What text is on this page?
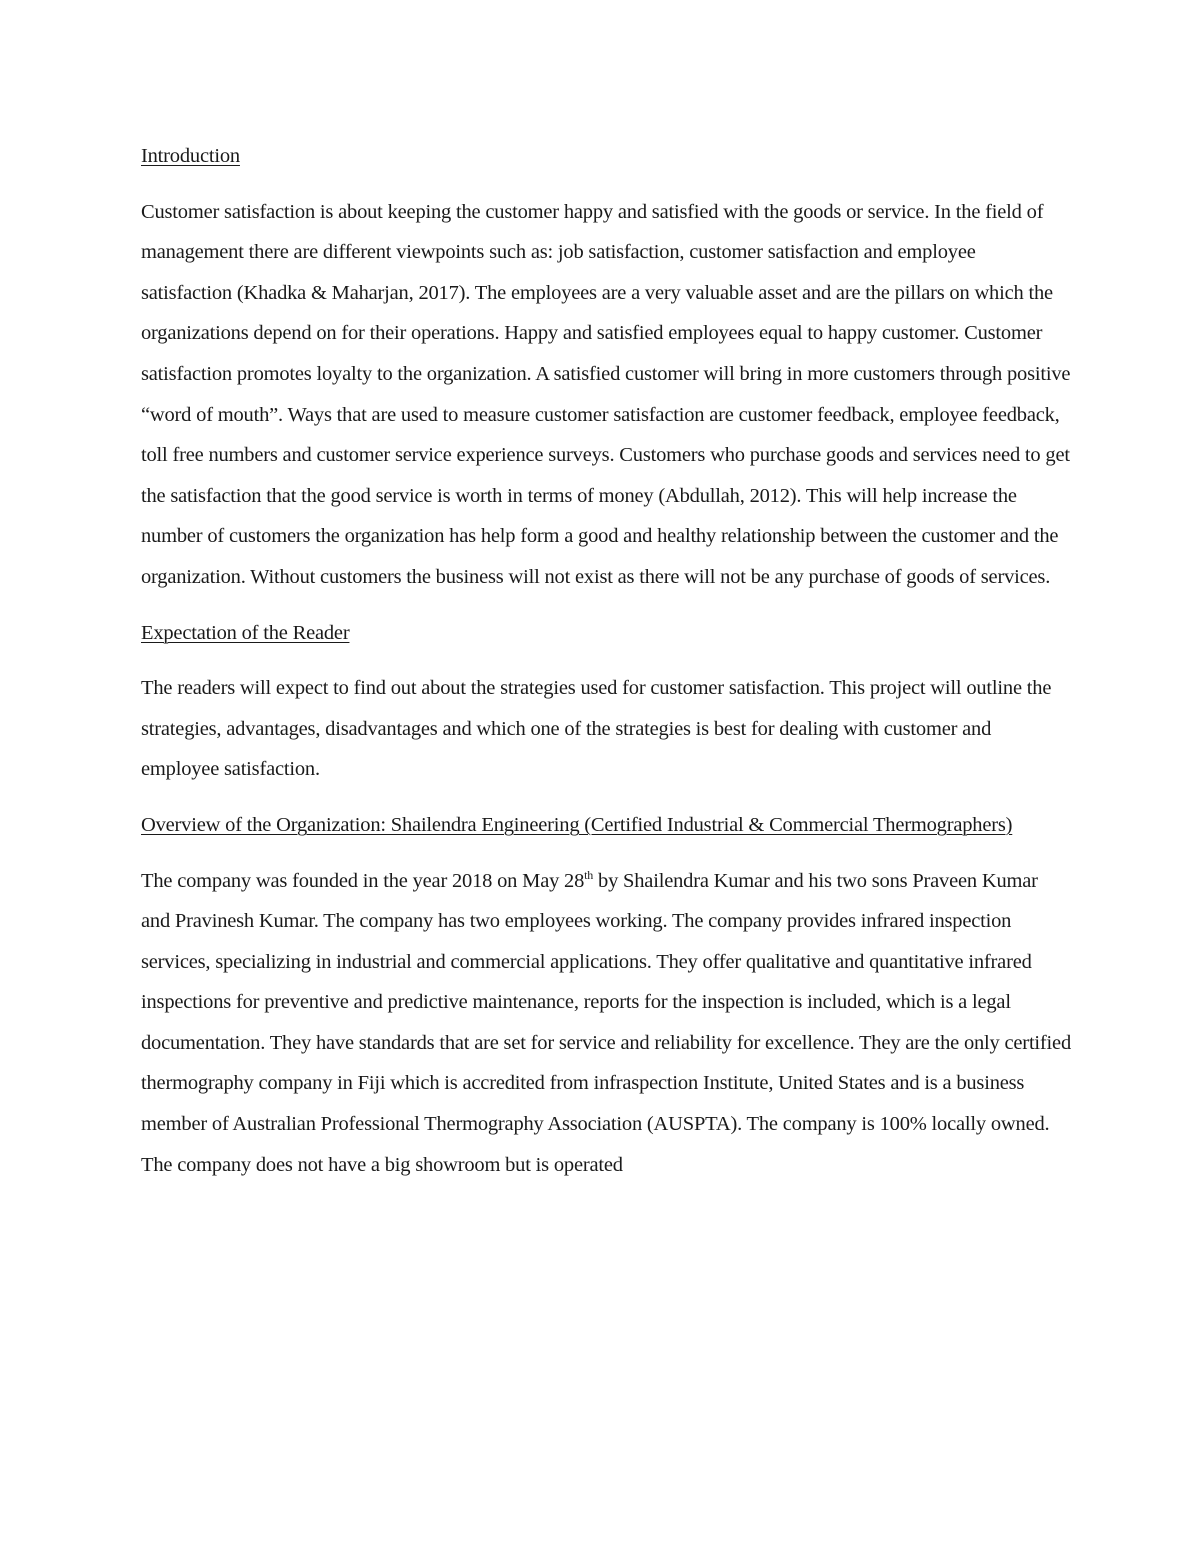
Introduction

Customer satisfaction is about keeping the customer happy and satisfied with the goods or service. In the field of management there are different viewpoints such as: job satisfaction, customer satisfaction and employee satisfaction (Khadka & Maharjan, 2017). The employees are a very valuable asset and are the pillars on which the organizations depend on for their operations. Happy and satisfied employees equal to happy customer. Customer satisfaction promotes loyalty to the organization. A satisfied customer will bring in more customers through positive “word of mouth”. Ways that are used to measure customer satisfaction are customer feedback, employee feedback, toll free numbers and customer service experience surveys. Customers who purchase goods and services need to get the satisfaction that the good service is worth in terms of money (Abdullah, 2012). This will help increase the number of customers the organization has help form a good and healthy relationship between the customer and the organization. Without customers the business will not exist as there will not be any purchase of goods of services.

Expectation of the Reader

The readers will expect to find out about the strategies used for customer satisfaction. This project will outline the strategies, advantages, disadvantages and which one of the strategies is best for dealing with customer and employee satisfaction.

Overview of the Organization: Shailendra Engineering (Certified Industrial & Commercial Thermographers)

The company was founded in the year 2018 on May 28th by Shailendra Kumar and his two sons Praveen Kumar and Pravinesh Kumar. The company has two employees working. The company provides infrared inspection services, specializing in industrial and commercial applications. They offer qualitative and quantitative infrared inspections for preventive and predictive maintenance, reports for the inspection is included, which is a legal documentation. They have standards that are set for service and reliability for excellence. They are the only certified thermography company in Fiji which is accredited from infraspection Institute, United States and is a business member of Australian Professional Thermography Association (AUSPTA). The company is 100% locally owned. The company does not have a big showroom but is operated
